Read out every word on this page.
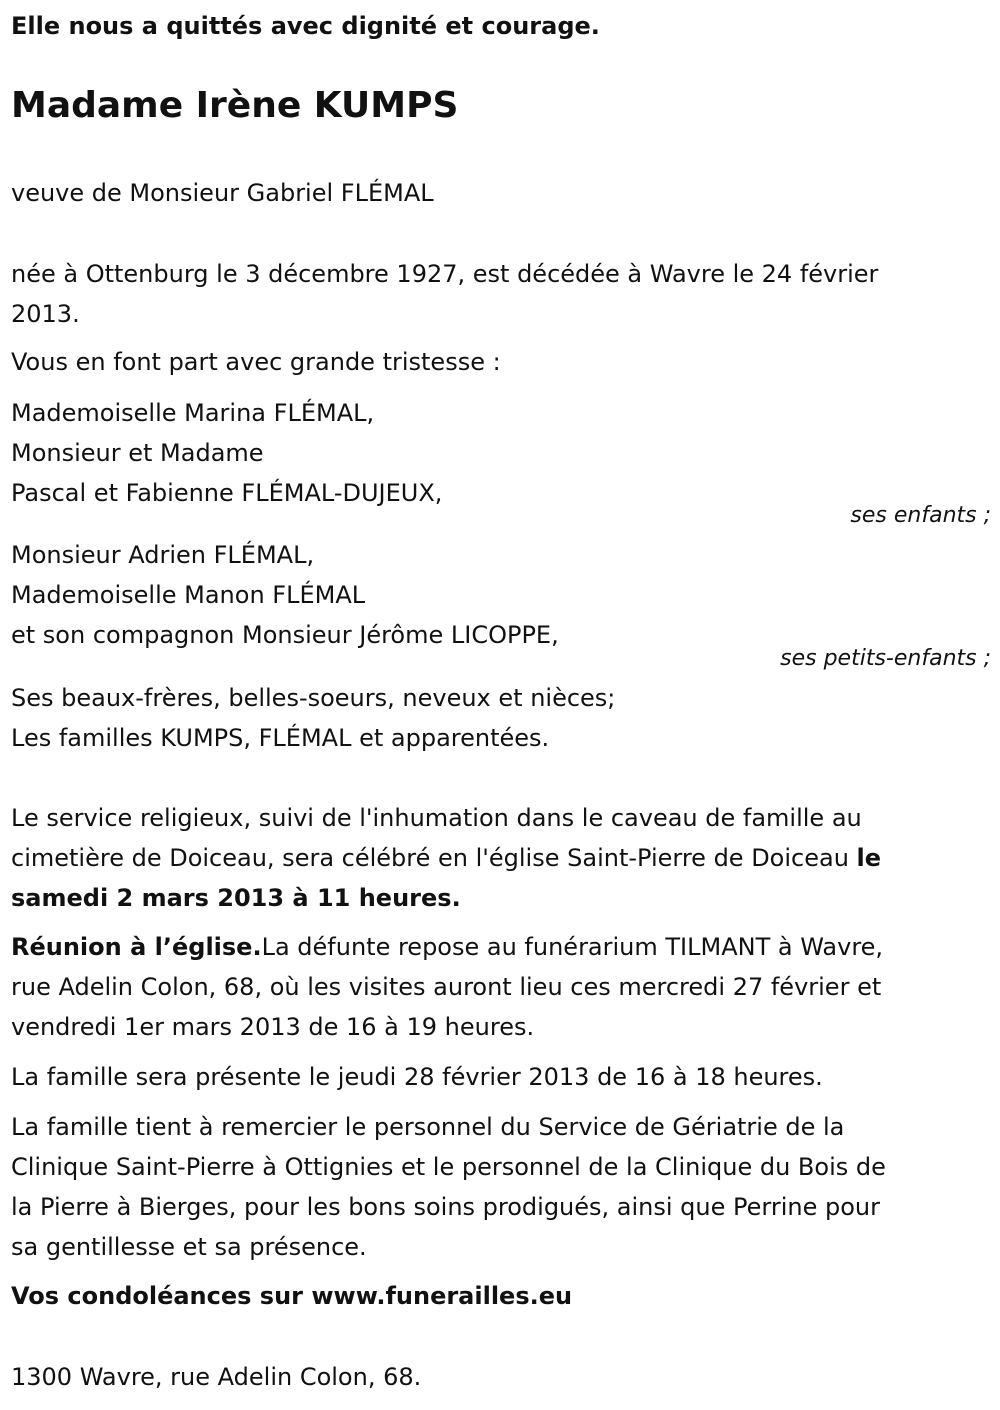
Elle nous a quittés avec dignité et courage.
Madame Irène KUMPS

veuve de Monsieur Gabriel FLÉMAL

née à Ottenburg le 3 décembre 1927, est décédée à Wavre le 24 février

2013.

Vous en font part avec grande tristesse :

Mademoiselle Marina FLÉMAL,

Monsieur et Madame

Pascal et Fabienne FLÉMAL-DUJEUX,

ses enfants ;

Monsieur Adrien FLÉMAL,

Mademoiselle Manon FLÉMAL

et son compagnon Monsieur Jérôme LICOPPE,

ses petits-enfants ;

Ses beaux-frères, belles-soeurs, neveux et nièces;

Les familles KUMPS, FLÉMAL et apparentées.

Le service religieux, suivi de l'inhumation dans le caveau de famille au

cimetière de Doiceau, sera célébré en l'église Saint-Pierre de Doiceau le

samedi 2 mars 2013 à 11 heures.

Réunion à l’église.La défunte repose au funérarium TILMANT à Wavre,

rue Adelin Colon, 68, où les visites auront lieu ces mercredi 27 février et

vendredi 1er mars 2013 de 16 à 19 heures.

La famille sera présente le jeudi 28 février 2013 de 16 à 18 heures.

La famille tient à remercier le personnel du Service de Gériatrie de la

Clinique Saint-Pierre à Ottignies et le personnel de la Clinique du Bois de

la Pierre à Bierges, pour les bons soins prodigués, ainsi que Perrine pour

sa gentillesse et sa présence.

Vos condoléances sur www.funerailles.eu

1300 Wavre, rue Adelin Colon, 68.
